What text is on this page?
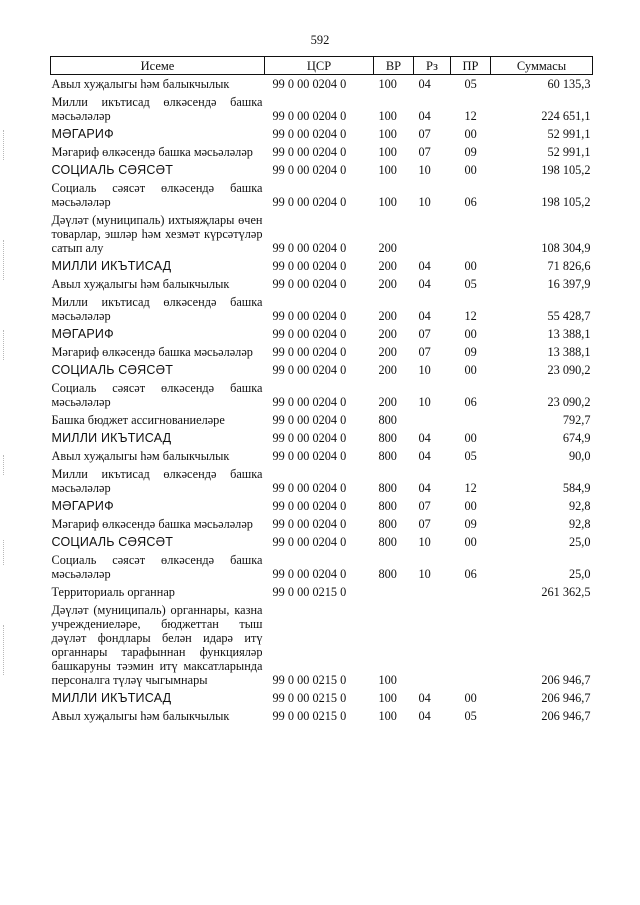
592
Исеме	ЦСР	ВР	Рз	ПР	Суммасы
Авыл хуҗалыгы һәм балыкчылык	99 0 00 0204 0	100	04	05	60 135,3
Милли икътисад өлкәсендә башка мәсьәләләр	99 0 00 0204 0	100	04	12	224 651,1
МӘГАРИФ	99 0 00 0204 0	100	07	00	52 991,1
Мәгариф өлкәсендә башка мәсьәләләр	99 0 00 0204 0	100	07	09	52 991,1
СОЦИАЛЬ СӘЯСӘТ	99 0 00 0204 0	100	10	00	198 105,2
Социаль сәясәт өлкәсендә башка мәсьәләләр	99 0 00 0204 0	100	10	06	198 105,2
Дәүләт (муниципаль) ихтыяҗлары өчен товарлар, эшләр һәм хезмәт күрсәтүләр сатып алу	99 0 00 0204 0	200			108 304,9
МИЛЛИ ИКЪТИСАД	99 0 00 0204 0	200	04	00	71 826,6
Авыл хуҗалыгы һәм балыкчылык	99 0 00 0204 0	200	04	05	16 397,9
Милли икътисад өлкәсендә башка мәсьәләләр	99 0 00 0204 0	200	04	12	55 428,7
МӘГАРИФ	99 0 00 0204 0	200	07	00	13 388,1
Мәгариф өлкәсендә башка мәсьәләләр	99 0 00 0204 0	200	07	09	13 388,1
СОЦИАЛЬ СӘЯСӘТ	99 0 00 0204 0	200	10	00	23 090,2
Социаль сәясәт өлкәсендә башка мәсьәләләр	99 0 00 0204 0	200	10	06	23 090,2
Башка бюджет ассигнованиеләре	99 0 00 0204 0	800			792,7
МИЛЛИ ИКЪТИСАД	99 0 00 0204 0	800	04	00	674,9
Авыл хуҗалыгы һәм балыкчылык	99 0 00 0204 0	800	04	05	90,0
Милли икътисад өлкәсендә башка мәсьәләләр	99 0 00 0204 0	800	04	12	584,9
МӘГАРИФ	99 0 00 0204 0	800	07	00	92,8
Мәгариф өлкәсендә башка мәсьәләләр	99 0 00 0204 0	800	07	09	92,8
СОЦИАЛЬ СӘЯСӘТ	99 0 00 0204 0	800	10	00	25,0
Социаль сәясәт өлкәсендә башка мәсьәләләр	99 0 00 0204 0	800	10	06	25,0
Территориаль органнар	99 0 00 0215 0				261 362,5
Дәүләт (муниципаль) органнары, казна учреждениеләре, бюджеттан тыш дәүләт фондлары белән идарә итү органнары тарафыннан функцияләр башкаруны тәэмин итү максатларында персоналга түләү чыгымнары	99 0 00 0215 0	100			206 946,7
МИЛЛИ ИКЪТИСАД	99 0 00 0215 0	100	04	00	206 946,7
Авыл хуҗалыгы һәм балыкчылык	99 0 00 0215 0	100	04	05	206 946,7
